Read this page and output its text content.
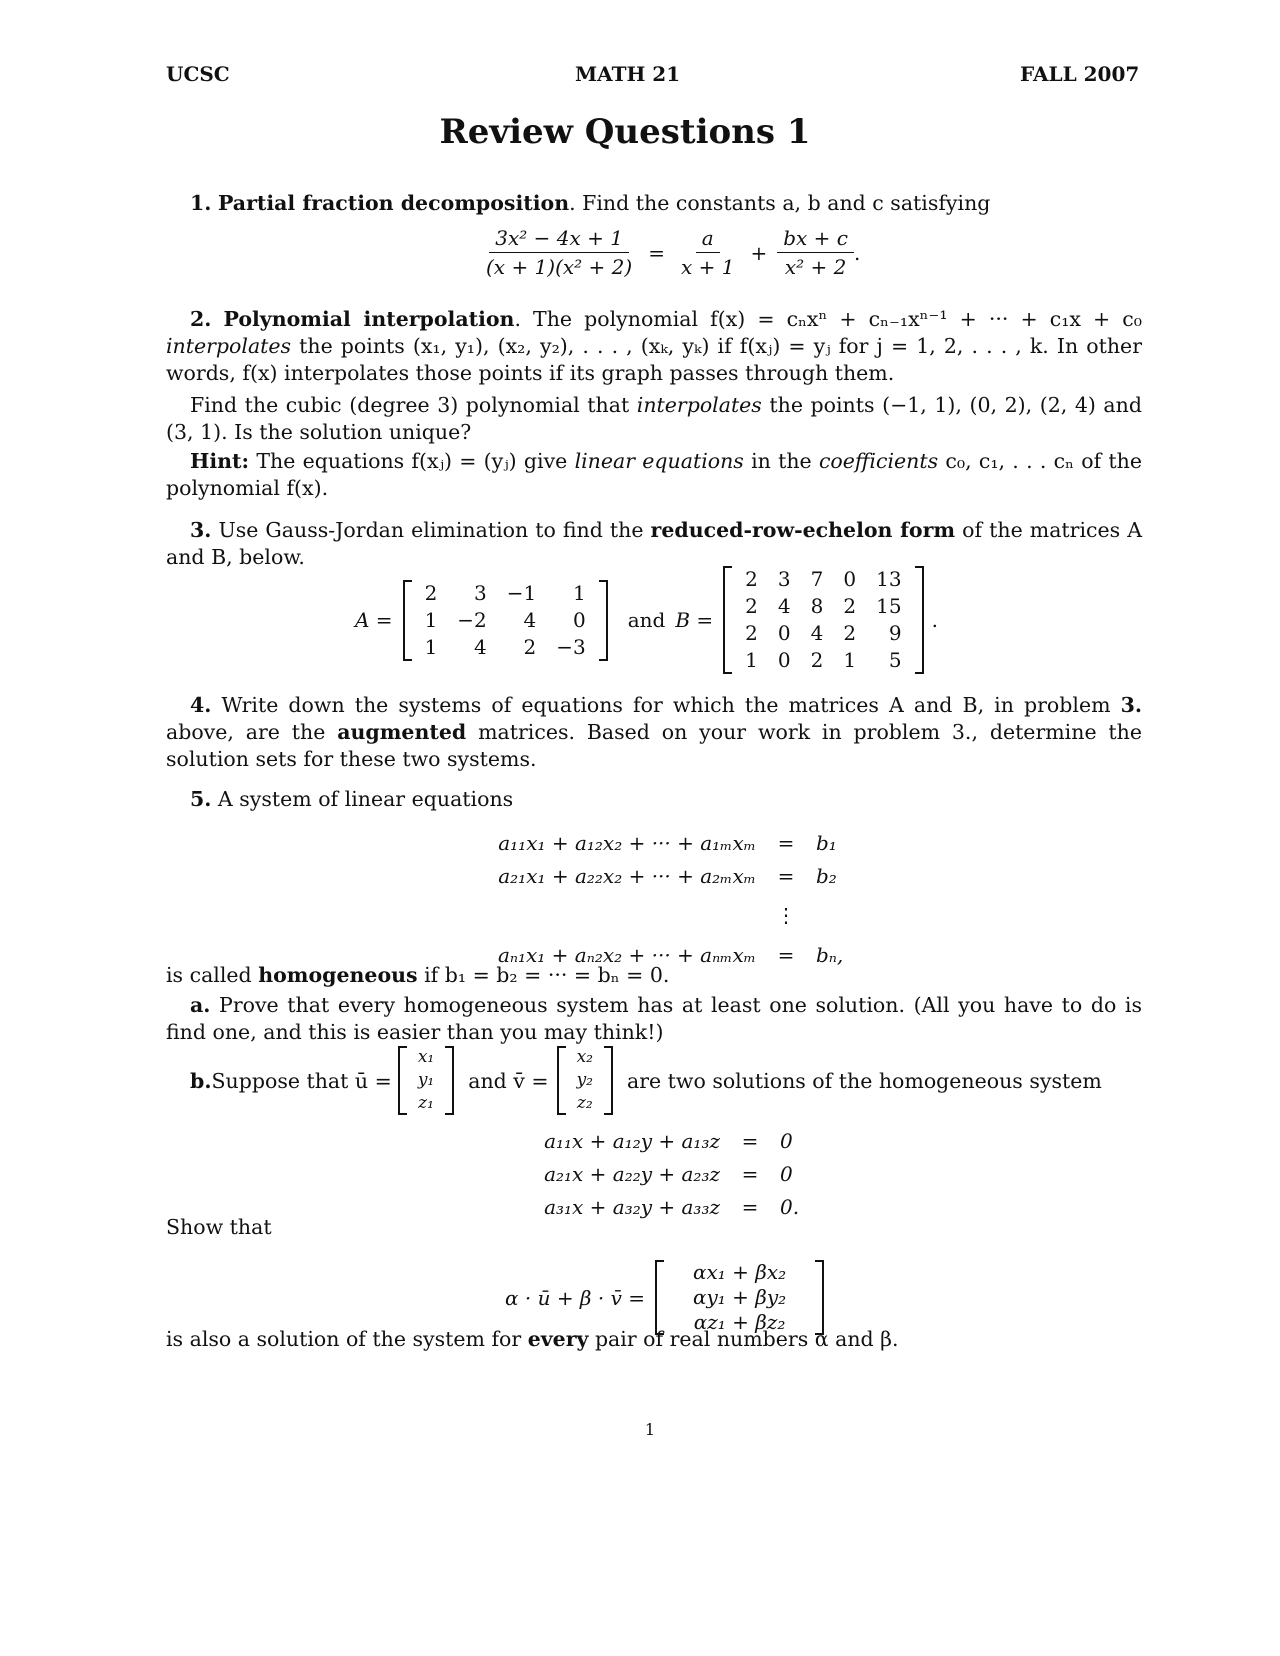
UCSC	MATH 21	FALL 2007
Review Questions 1
1. Partial fraction decomposition. Find the constants a, b and c satisfying
$\frac{\text{3x² − 4x + 1}}{\text{(x + 1)(x² + 2)}} = \frac{a}{x + 1} + \frac{bx + c}{\text{x² + 2}}$ .
2. Polynomial interpolation. The polynomial f(x) = cₙxⁿ + cₙ₋₁xⁿ⁻¹ + ··· + c₁x + c₀ interpolates the points (x₁, y₁), (x₂, y₂), . . . , (xₖ, yₖ) if f(xⱼ) = yⱼ for j = 1, 2, . . . , k. In other words, f(x) interpolates those points if its graph passes through them.
Find the cubic (degree 3) polynomial that interpolates the points (−1, 1), (0, 2), (2, 4) and (3, 1). Is the solution unique?
Hint: The equations f(xⱼ) = (yⱼ) give linear equations in the coefficients c₀, c₁, . . . cₙ of the polynomial f(x).
3. Use Gauss-Jordan elimination to find the reduced-row-echelon form of the matrices A and B, below.
A =
2	3	−1	1
1	−2	4	0
1	4	2	−3
and B =
2	3	7	0	13
2	4	8	2	15
2	0	4	2	9
1	0	2	1	5
.
4. Write down the systems of equations for which the matrices A and B, in problem 3. above, are the augmented matrices. Based on your work in problem 3., determine the solution sets for these two systems.
5. A system of linear equations
a₁₁x₁ + a₁₂x₂ + ··· + a₁ₘxₘ	=	b₁
a₂₁x₁ + a₂₂x₂ + ··· + a₂ₘxₘ	=	b₂
⋮
aₙ₁x₁ + aₙ₂x₂ + ··· + aₙₘxₘ	=	bₙ,
is called homogeneous if b₁ = b₂ = ··· = bₙ = 0.
a. Prove that every homogeneous system has at least one solution. (All you have to do is find one, and this is easier than you may think!)
b. Suppose that ū =
x₁
y₁
z₁
and v̄ =
x₂
y₂
z₂
are two solutions of the homogeneous system
a₁₁x + a₁₂y + a₁₃z	=	0
a₂₁x + a₂₂y + a₂₃z	=	0
a₃₁x + a₃₂y + a₃₃z	=	0.
Show that
α · ū + β · v̄ =
αx₁ + βx₂
αy₁ + βy₂
αz₁ + βz₂
is also a solution of the system for every pair of real numbers α and β.
1
